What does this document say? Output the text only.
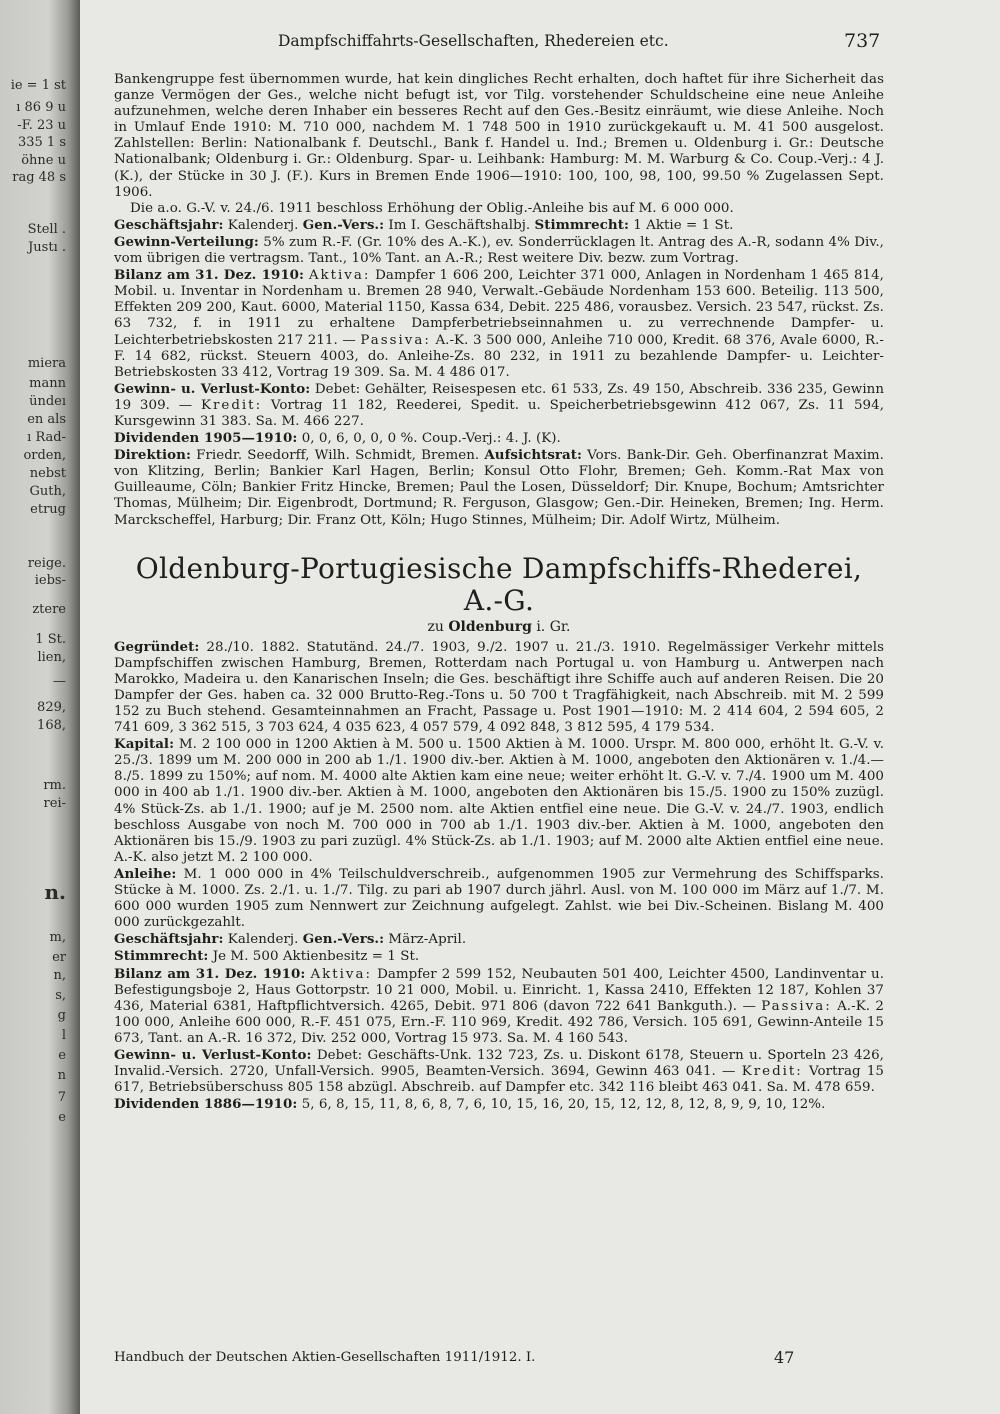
ie = 1 st
ı 86 9 u
-F. 23 u
335 1 s
öhne u
rag 48 s
Stell .
Justı .
miera
mann
ündeı
en als
ı Rad-
orden,
nebst
Guth,
etrug
reige.
iebs-
ztere
1 St.
lien,
—
829,
168,
rm.
rei-
n.
m,
er
n,
s,
g
l
e
n
7
e
Dampfschiffahrts-Gesellschaften, Rhedereien etc.	737

Bankengruppe fest übernommen wurde, hat kein dingliches Recht erhalten, doch haftet für ihre Sicherheit das ganze Vermögen der Ges., welche nicht befugt ist, vor Tilg. vorstehender Schuldscheine eine neue Anleihe aufzunehmen, welche deren Inhaber ein besseres Recht auf den Ges.-Besitz einräumt, wie diese Anleihe. Noch in Umlauf Ende 1910: M. 710 000, nachdem M. 1 748 500 in 1910 zurückgekauft u. M. 41 500 ausgelost. Zahlstellen: Berlin: Nationalbank f. Deutschl., Bank f. Handel u. Ind.; Bremen u. Oldenburg i. Gr.: Deutsche Nationalbank; Oldenburg i. Gr.: Oldenburg. Spar- u. Leihbank: Hamburg: M. M. Warburg & Co. Coup.-Verj.: 4 J. (K.), der Stücke in 30 J. (F.). Kurs in Bremen Ende 1906—1910: 100, 100, 98, 100, 99.50 % Zugelassen Sept. 1906.

Die a.o. G.-V. v. 24./6. 1911 beschloss Erhöhung der Oblig.-Anleihe bis auf M. 6 000 000.

Geschäftsjahr: Kalenderj. Gen.-Vers.: Im I. Geschäftshalbj. Stimmrecht: 1 Aktie = 1 St.

Gewinn-Verteilung: 5% zum R.-F. (Gr. 10% des A.-K.), ev. Sonderrücklagen lt. Antrag des A.-R, sodann 4% Div., vom übrigen die vertragsm. Tant., 10% Tant. an A.-R.; Rest weitere Div. bezw. zum Vortrag.

Bilanz am 31. Dez. 1910: Aktiva: Dampfer 1 606 200, Leichter 371 000, Anlagen in Nordenham 1 465 814, Mobil. u. Inventar in Nordenham u. Bremen 28 940, Verwalt.-Gebäude Nordenham 153 600. Beteilig. 113 500, Effekten 209 200, Kaut. 6000, Material 1150, Kassa 634, Debit. 225 486, vorausbez. Versich. 23 547, rückst. Zs. 63 732, f. in 1911 zu erhaltene Dampferbetriebseinnahmen u. zu verrechnende Dampfer- u. Leichterbetriebskosten 217 211. — Passiva: A.-K. 3 500 000, Anleihe 710 000, Kredit. 68 376, Avale 6000, R.-F. 14 682, rückst. Steuern 4003, do. Anleihe-Zs. 80 232, in 1911 zu bezahlende Dampfer- u. Leichter-Betriebskosten 33 412, Vortrag 19 309. Sa. M. 4 486 017.

Gewinn- u. Verlust-Konto: Debet: Gehälter, Reisespesen etc. 61 533, Zs. 49 150, Abschreib. 336 235, Gewinn 19 309. — Kredit: Vortrag 11 182, Reederei, Spedit. u. Speicherbetriebsgewinn 412 067, Zs. 11 594, Kursgewinn 31 383. Sa. M. 466 227.

Dividenden 1905—1910: 0, 0, 6, 0, 0, 0 %. Coup.-Verj.: 4. J. (K).

Direktion: Friedr. Seedorff, Wilh. Schmidt, Bremen. Aufsichtsrat: Vors. Bank-Dir. Geh. Oberfinanzrat Maxim. von Klitzing, Berlin; Bankier Karl Hagen, Berlin; Konsul Otto Flohr, Bremen; Geh. Komm.-Rat Max von Guilleaume, Cöln; Bankier Fritz Hincke, Bremen; Paul the Losen, Düsseldorf; Dir. Knupe, Bochum; Amtsrichter Thomas, Mülheim; Dir. Eigenbrodt, Dortmund; R. Ferguson, Glasgow; Gen.-Dir. Heineken, Bremen; Ing. Herm. Marckscheffel, Harburg; Dir. Franz Ott, Köln; Hugo Stinnes, Mülheim; Dir. Adolf Wirtz, Mülheim.

Oldenburg-Portugiesische Dampfschiffs-Rhederei, A.-G.
zu Oldenburg i. Gr.

Gegründet: 28./10. 1882. Statutänd. 24./7. 1903, 9./2. 1907 u. 21./3. 1910. Regelmässiger Verkehr mittels Dampfschiffen zwischen Hamburg, Bremen, Rotterdam nach Portugal u. von Hamburg u. Antwerpen nach Marokko, Madeira u. den Kanarischen Inseln; die Ges. beschäftigt ihre Schiffe auch auf anderen Reisen. Die 20 Dampfer der Ges. haben ca. 32 000 Brutto-Reg.-Tons u. 50 700 t Tragfähigkeit, nach Abschreib. mit M. 2 599 152 zu Buch stehend. Gesamteinnahmen an Fracht, Passage u. Post 1901—1910: M. 2 414 604, 2 594 605, 2 741 609, 3 362 515, 3 703 624, 4 035 623, 4 057 579, 4 092 848, 3 812 595, 4 179 534.

Kapital: M. 2 100 000 in 1200 Aktien à M. 500 u. 1500 Aktien à M. 1000. Urspr. M. 800 000, erhöht lt. G.-V. v. 25./3. 1899 um M. 200 000 in 200 ab 1./1. 1900 div.-ber. Aktien à M. 1000, angeboten den Aktionären v. 1./4.—8./5. 1899 zu 150%; auf nom. M. 4000 alte Aktien kam eine neue; weiter erhöht lt. G.-V. v. 7./4. 1900 um M. 400 000 in 400 ab 1./1. 1900 div.-ber. Aktien à M. 1000, angeboten den Aktionären bis 15./5. 1900 zu 150% zuzügl. 4% Stück-Zs. ab 1./1. 1900; auf je M. 2500 nom. alte Aktien entfiel eine neue. Die G.-V. v. 24./7. 1903, endlich beschloss Ausgabe von noch M. 700 000 in 700 ab 1./1. 1903 div.-ber. Aktien à M. 1000, angeboten den Aktionären bis 15./9. 1903 zu pari zuzügl. 4% Stück-Zs. ab 1./1. 1903; auf M. 2000 alte Aktien entfiel eine neue. A.-K. also jetzt M. 2 100 000.

Anleihe: M. 1 000 000 in 4% Teilschuldverschreib., aufgenommen 1905 zur Vermehrung des Schiffsparks. Stücke à M. 1000. Zs. 2./1. u. 1./7. Tilg. zu pari ab 1907 durch jährl. Ausl. von M. 100 000 im März auf 1./7. M. 600 000 wurden 1905 zum Nennwert zur Zeichnung aufgelegt. Zahlst. wie bei Div.-Scheinen. Bislang M. 400 000 zurückgezahlt.

Geschäftsjahr: Kalenderj. Gen.-Vers.: März-April.

Stimmrecht: Je M. 500 Aktienbesitz = 1 St.

Bilanz am 31. Dez. 1910: Aktiva: Dampfer 2 599 152, Neubauten 501 400, Leichter 4500, Landinventar u. Befestigungsboje 2, Haus Gottorpstr. 10 21 000, Mobil. u. Einricht. 1, Kassa 2410, Effekten 12 187, Kohlen 37 436, Material 6381, Haftpflichtversich. 4265, Debit. 971 806 (davon 722 641 Bankguth.). — Passiva: A.-K. 2 100 000, Anleihe 600 000, R.-F. 451 075, Ern.-F. 110 969, Kredit. 492 786, Versich. 105 691, Gewinn-Anteile 15 673, Tant. an A.-R. 16 372, Div. 252 000, Vortrag 15 973. Sa. M. 4 160 543.

Gewinn- u. Verlust-Konto: Debet: Geschäfts-Unk. 132 723, Zs. u. Diskont 6178, Steuern u. Sporteln 23 426, Invalid.-Versich. 2720, Unfall-Versich. 9905, Beamten-Versich. 3694, Gewinn 463 041. — Kredit: Vortrag 15 617, Betriebsüberschuss 805 158 abzügl. Abschreib. auf Dampfer etc. 342 116 bleibt 463 041. Sa. M. 478 659.

Dividenden 1886—1910: 5, 6, 8, 15, 11, 8, 6, 8, 7, 6, 10, 15, 16, 20, 15, 12, 12, 8, 12, 8, 9, 9, 10, 12%.

Handbuch der Deutschen Aktien-Gesellschaften 1911/1912. I.	47
